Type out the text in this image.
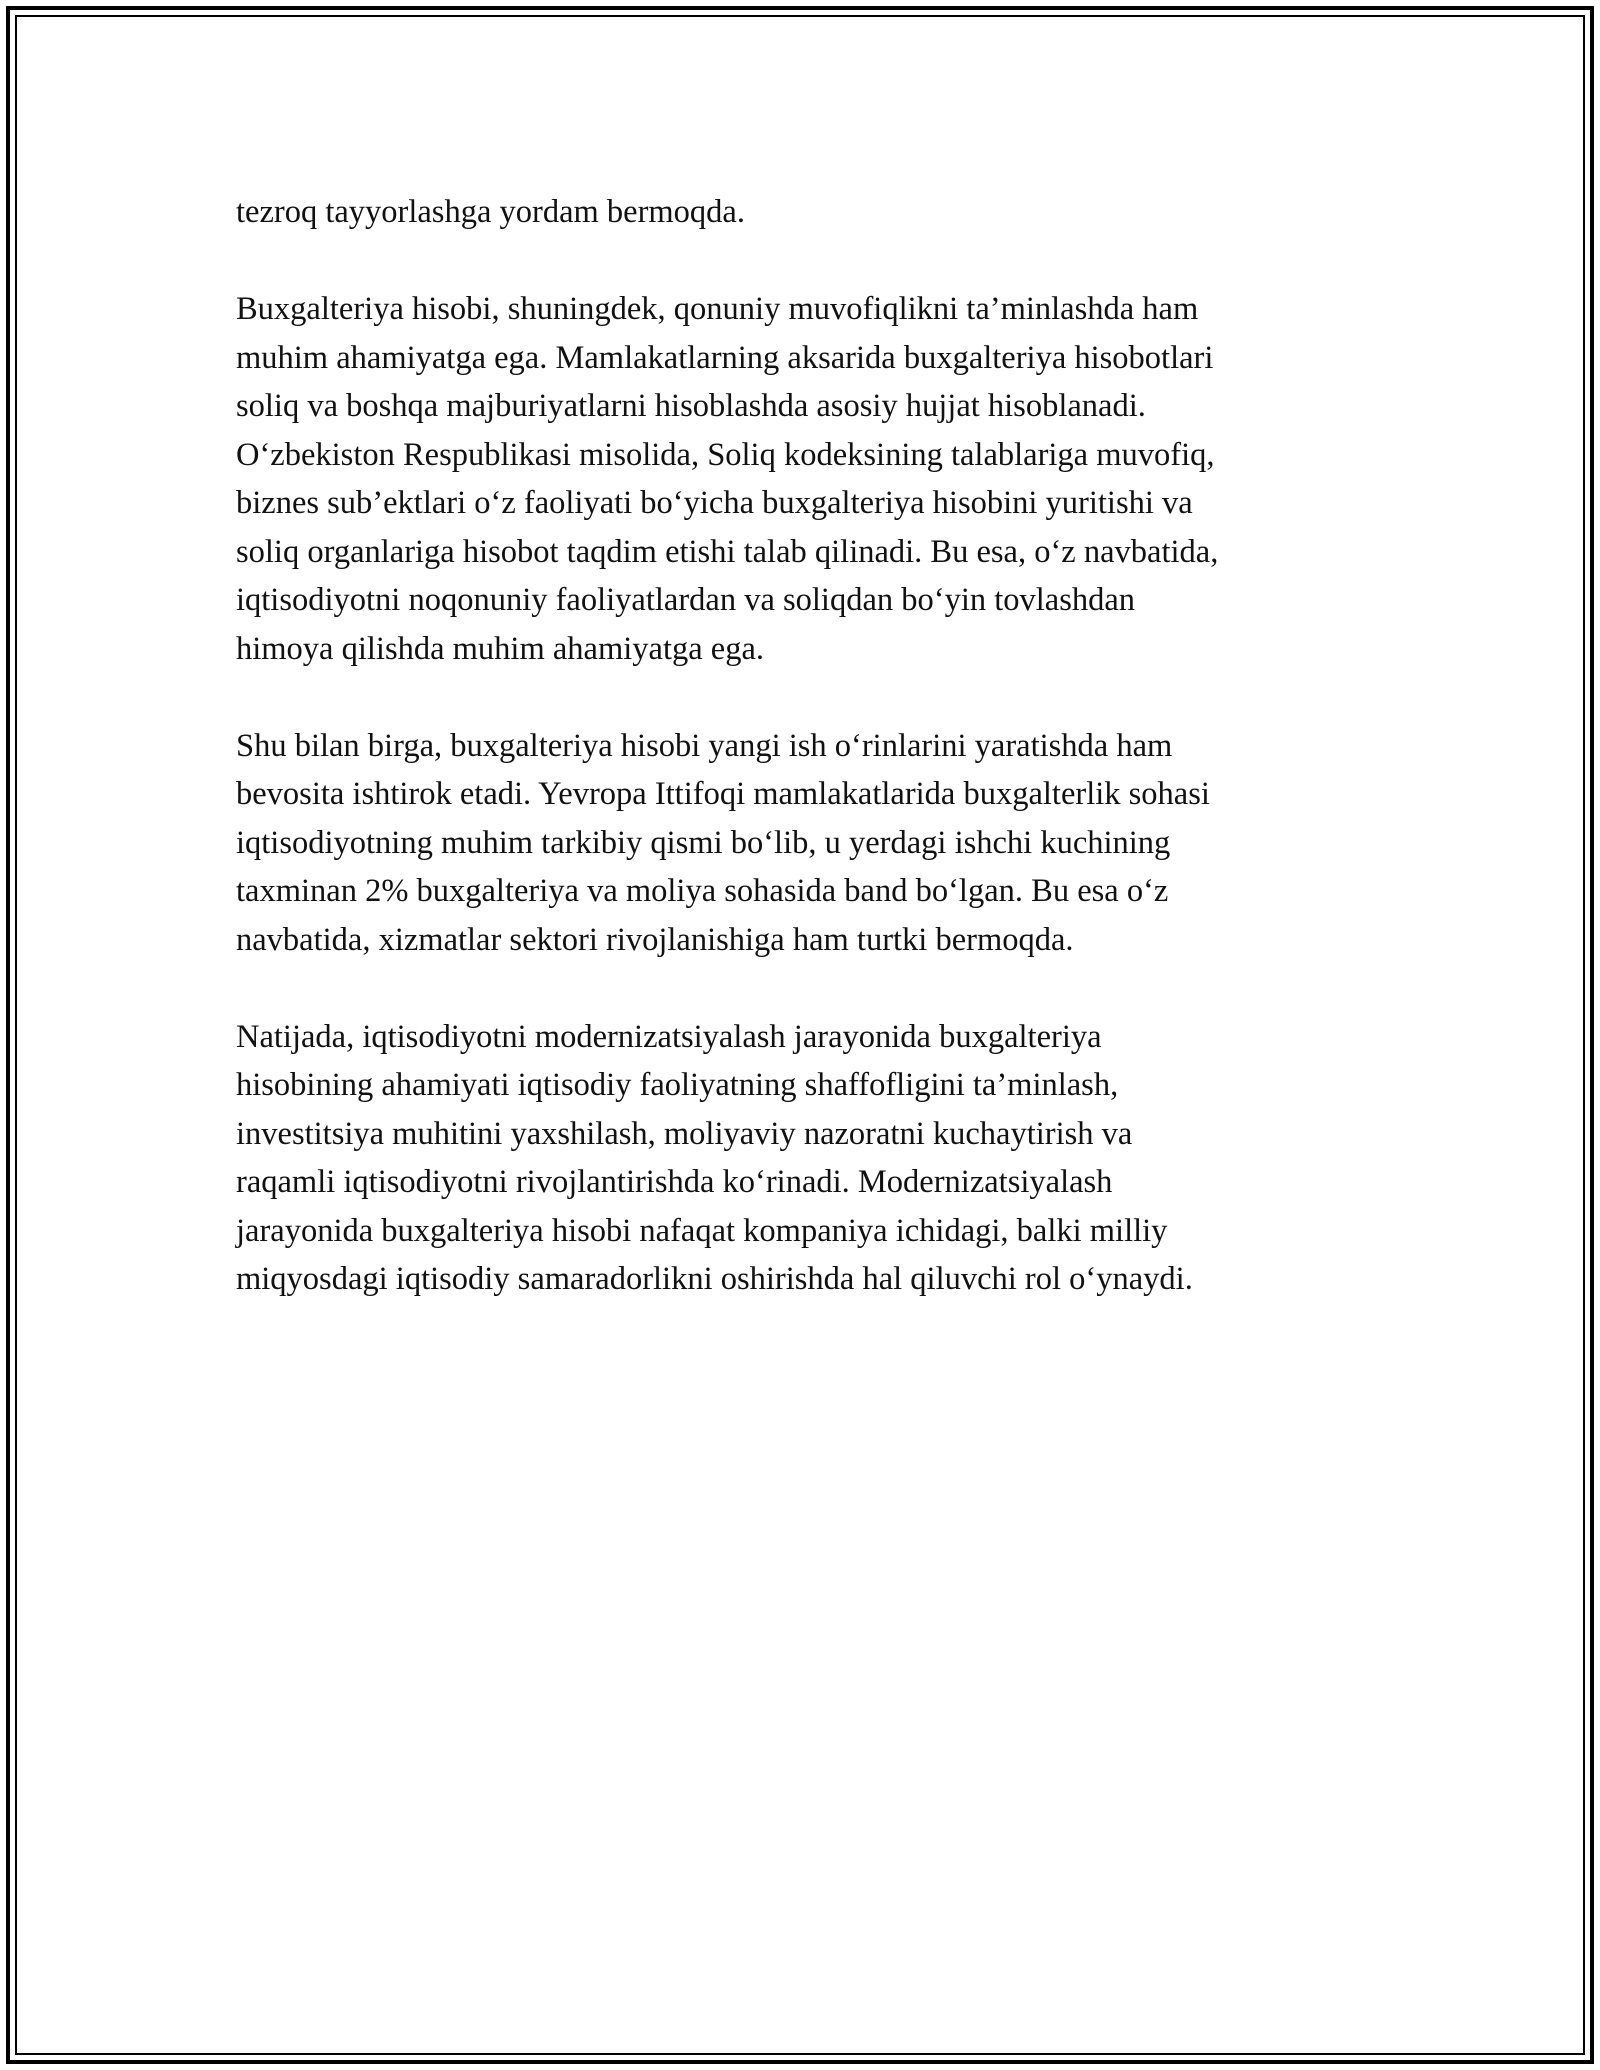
tezroq tayyorlashga yordam bermoqda.

Buxgalteriya hisobi, shuningdek, qonuniy muvofiqlikni ta’minlashda ham
muhim ahamiyatga ega. Mamlakatlarning aksarida buxgalteriya hisobotlari
soliq va boshqa majburiyatlarni hisoblashda asosiy hujjat hisoblanadi.
O‘zbekiston Respublikasi misolida, Soliq kodeksining talablariga muvofiq,
biznes sub’ektlari o‘z faoliyati bo‘yicha buxgalteriya hisobini yuritishi va
soliq organlariga hisobot taqdim etishi talab qilinadi. Bu esa, o‘z navbatida,
iqtisodiyotni noqonuniy faoliyatlardan va soliqdan bo‘yin tovlashdan
himoya qilishda muhim ahamiyatga ega.

Shu bilan birga, buxgalteriya hisobi yangi ish o‘rinlarini yaratishda ham
bevosita ishtirok etadi. Yevropa Ittifoqi mamlakatlarida buxgalterlik sohasi
iqtisodiyotning muhim tarkibiy qismi bo‘lib, u yerdagi ishchi kuchining
taxminan 2% buxgalteriya va moliya sohasida band bo‘lgan. Bu esa o‘z
navbatida, xizmatlar sektori rivojlanishiga ham turtki bermoqda.

Natijada, iqtisodiyotni modernizatsiyalash jarayonida buxgalteriya
hisobining ahamiyati iqtisodiy faoliyatning shaffofligini ta’minlash,
investitsiya muhitini yaxshilash, moliyaviy nazoratni kuchaytirish va
raqamli iqtisodiyotni rivojlantirishda ko‘rinadi. Modernizatsiyalash
jarayonida buxgalteriya hisobi nafaqat kompaniya ichidagi, balki milliy
miqyosdagi iqtisodiy samaradorlikni oshirishda hal qiluvchi rol o‘ynaydi.
